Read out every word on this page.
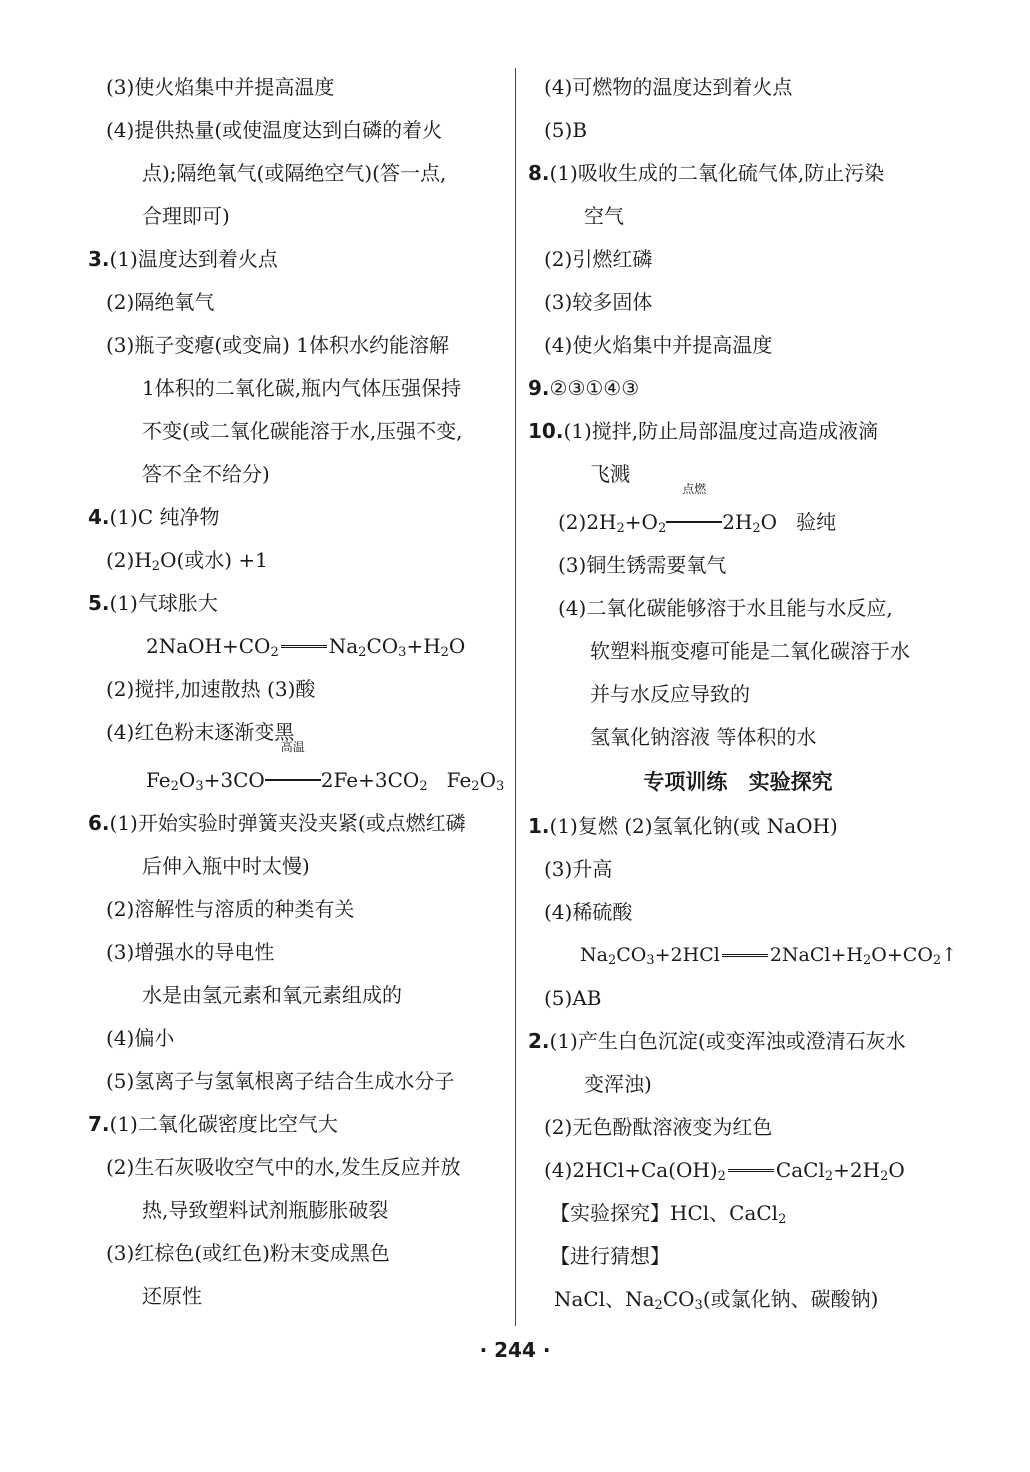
(3)使火焰集中并提高温度
(4)提供热量(或使温度达到白磷的着火
点);隔绝氧气(或隔绝空气)(答一点,
合理即可)
3.(1)温度达到着火点
(2)隔绝氧气
(3)瓶子变瘪(或变扁) 1体积水约能溶解
1体积的二氧化碳,瓶内气体压强保持
不变(或二氧化碳能溶于水,压强不变,
答不全不给分)
4.(1)C 纯净物
$(2)H_2O$(或水) +1
5.(1)气球胀大
$2NaOH+CO_2$	$Na_2CO_3+H_2O$
(2)搅拌,加速散热 (3)酸
(4)红色粉末逐渐变黑
$Fe_2O_3+3CO$
高温
$2Fe+3CO_2$   $Fe_2O_3$
6.(1)开始实验时弹簧夹没夹紧(或点燃红磷
后伸入瓶中时太慢)
(2)溶解性与溶质的种类有关
(3)增强水的导电性
水是由氢元素和氧元素组成的
(4)偏小
(5)氢离子与氢氧根离子结合生成水分子
7.(1)二氧化碳密度比空气大
(2)生石灰吸收空气中的水,发生反应并放
热,导致塑料试剂瓶膨胀破裂
(3)红棕色(或红色)粉末变成黑色
还原性
(4)可燃物的温度达到着火点
(5)B
8.(1)吸收生成的二氧化硫气体,防止污染
空气
(2)引燃红磷
(3)较多固体
(4)使火焰集中并提高温度
9.②③①④③
10.(1)搅拌,防止局部温度过高造成液滴
飞溅
$(2)2H_2+O_2$
点燃
$2H_2O$   验纯
(3)铜生锈需要氧气
(4)二氧化碳能够溶于水且能与水反应,
软塑料瓶变瘪可能是二氧化碳溶于水
并与水反应导致的
氢氧化钠溶液 等体积的水
专项训练 实验探究
1.(1)复燃 (2)氢氧化钠(或 NaOH)
(3)升高
(4)稀硫酸
$Na_2CO_3+2HCl$	$2NaCl+H_2O+CO_2↑$
(5)AB
2.(1)产生白色沉淀(或变浑浊或澄清石灰水
变浑浊)
(2)无色酚酞溶液变为红色
$(4)2HCl+Ca(OH)_2$	$CaCl_2+2H_2O$
【实验探究】HCl、CaCl$_2$
【进行猜想】
NaCl、$Na_2CO_3$(或氯化钠、碳酸钠)
· 244 ·
